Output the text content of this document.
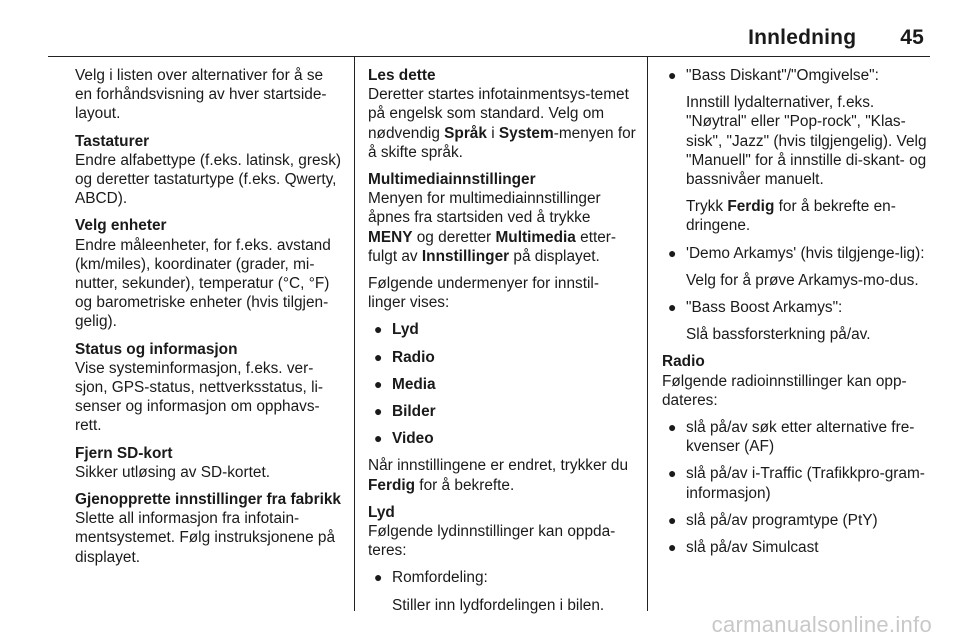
Innledning 45

Velg i listen over alternativer for å se en forhåndsvisning av hver startside-layout.

Tastaturer

Endre alfabettype (f.eks. latinsk, gresk) og deretter tastaturtype (f.eks. Qwerty, ABCD).

Velg enheter

Endre måleenheter, for f.eks. avstand (km/miles), koordinater (grader, mi-nutter, sekunder), temperatur (°C, °F) og barometriske enheter (hvis tilgjen-gelig).

Status og informasjon

Vise systeminformasjon, f.eks. ver-sjon, GPS-status, nettverksstatus, li-senser og informasjon om opphavs-rett.

Fjern SD-kort

Sikker utløsing av SD-kortet.

Gjenopprette innstillinger fra fabrikk

Slette all informasjon fra infotain-mentsystemet. Følg instruksjonene på displayet.

Les dette

Deretter startes infotainmentsys-temet på engelsk som standard. Velg om nødvendig Språk i System-menyen for å skifte språk.

Multimediainnstillinger

Menyen for multimediainnstillinger åpnes fra startsiden ved å trykke MENY og deretter Multimedia etter-fulgt av Innstillinger på displayet.

Følgende undermenyer for innstil-linger vises:

● Lyd
● Radio
● Media
● Bilder
● Video

Når innstillingene er endret, trykker du Ferdig for å bekrefte.

Lyd

Følgende lydinnstillinger kan oppda-teres:

● Romfordeling:

Stiller inn lydfordelingen i bilen.

● "Bass Diskant"/"Omgivelse":

Innstill lydalternativer, f.eks. "Nøytral" eller "Pop-rock", "Klas-sisk", "Jazz" (hvis tilgjengelig). Velg "Manuell" for å innstille di-skant- og bassnivåer manuelt.

Trykk Ferdig for å bekrefte en-dringene.

● 'Demo Arkamys' (hvis tilgjenge-lig):

Velg for å prøve Arkamys-mo-dus.

● "Bass Boost Arkamys":

Slå bassforsterkning på/av.

Radio

Følgende radioinnstillinger kan opp-dateres:

● slå på/av søk etter alternative fre-kvenser (AF)
● slå på/av i-Traffic (Trafikkpro-gram-informasjon)
● slå på/av programtype (PtY)
● slå på/av Simulcast
carmanualsonline.info
